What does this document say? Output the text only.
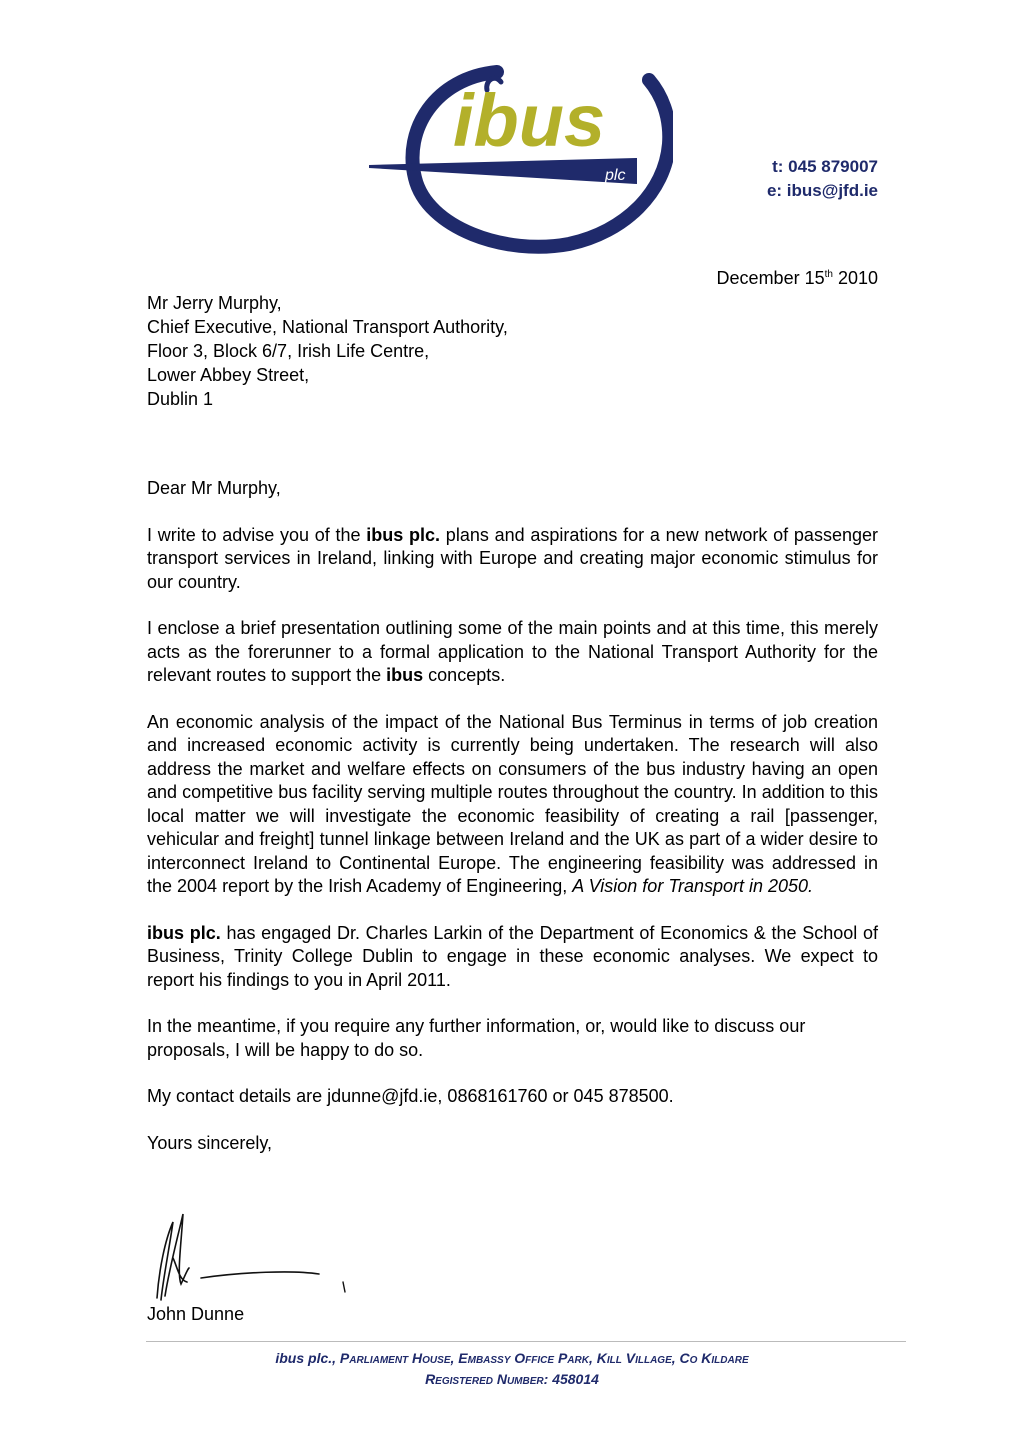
ibus
plc	t: 045 879007
e: ibus@jfd.ie
December 15th 2010
Mr Jerry Murphy,
Chief Executive, National Transport Authority,
Floor 3, Block 6/7, Irish Life Centre,
Lower Abbey Street,
Dublin 1

Dear Mr Murphy,

I write to advise you of the ibus plc. plans and aspirations for a new network of passenger transport services in Ireland, linking with Europe and creating major economic stimulus for our country.

I enclose a brief presentation outlining some of the main points and at this time, this merely acts as the forerunner to a formal application to the National Transport Authority for the relevant routes to support the ibus concepts.

An economic analysis of the impact of the National Bus Terminus in terms of job creation and increased economic activity is currently being undertaken. The research will also address the market and welfare effects on consumers of the bus industry having an open and competitive bus facility serving multiple routes throughout the country. In addition to this local matter we will investigate the economic feasibility of creating a rail [passenger, vehicular and freight] tunnel linkage between Ireland and the UK as part of a wider desire to interconnect Ireland to Continental Europe. The engineering feasibility was addressed in the 2004 report by the Irish Academy of Engineering, A Vision for Transport in 2050.

ibus plc. has engaged Dr. Charles Larkin of the Department of Economics & the School of Business, Trinity College Dublin to engage in these economic analyses. We expect to report his findings to you in April 2011.

In the meantime, if you require any further information, or, would like to discuss our proposals, I will be happy to do so.

My contact details are jdunne@jfd.ie, 0868161760 or 045 878500.

Yours sincerely,

John Dunne
ibus plc., Parliament House, Embassy Office Park, Kill Village, Co Kildare
Registered Number: 458014
